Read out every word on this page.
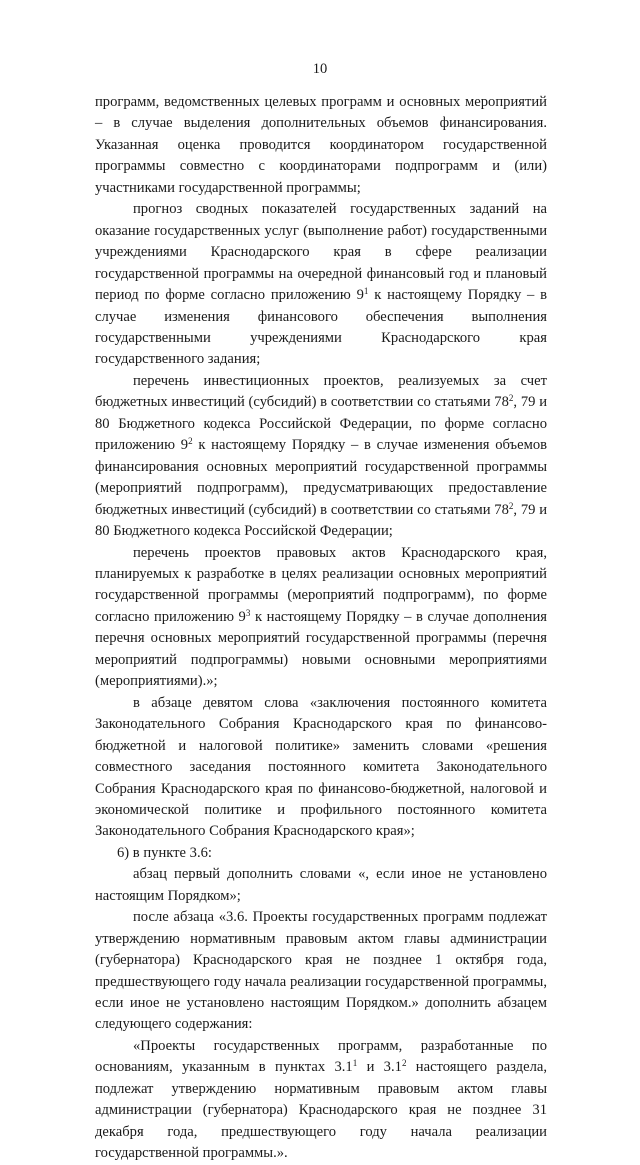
10

программ, ведомственных целевых программ и основных мероприятий – в случае выделения дополнительных объемов финансирования. Указанная оценка проводится координатором государственной программы совместно с координаторами подпрограмм и (или) участниками государственной программы;

прогноз сводных показателей государственных заданий на оказание государственных услуг (выполнение работ) государственными учреждениями Краснодарского края в сфере реализации государственной программы на очередной финансовый год и плановый период по форме согласно приложению $9^1$ к настоящему Порядку – в случае изменения финансового обеспечения выполнения государственными учреждениями Краснодарского края государственного задания;

перечень инвестиционных проектов, реализуемых за счет бюджетных инвестиций (субсидий) в соответствии со статьями $78^2$, 79 и 80 Бюджетного кодекса Российской Федерации, по форме согласно приложению $9^2$ к настоящему Порядку – в случае изменения объемов финансирования основных мероприятий государственной программы (мероприятий подпрограмм), предусматривающих предоставление бюджетных инвестиций (субсидий) в соответствии со статьями $78^2$, 79 и 80 Бюджетного кодекса Российской Федерации;

перечень проектов правовых актов Краснодарского края, планируемых к разработке в целях реализации основных мероприятий государственной программы (мероприятий подпрограмм), по форме согласно приложению $9^3$ к настоящему Порядку – в случае дополнения перечня основных мероприятий государственной программы (перечня мероприятий подпрограммы) новыми основными мероприятиями (мероприятиями).»;

в абзаце девятом слова «заключения постоянного комитета Законодательного Собрания Краснодарского края по финансово-бюджетной и налоговой политике» заменить словами «решения совместного заседания постоянного комитета Законодательного Собрания Краснодарского края по финансово-бюджетной, налоговой и экономической политике и профильного постоянного комитета Законодательного Собрания Краснодарского края»;

6) в пункте 3.6:

абзац первый дополнить словами «, если иное не установлено настоящим Порядком»;

после абзаца «3.6. Проекты государственных программ подлежат утверждению нормативным правовым актом главы администрации (губернатора) Краснодарского края не позднее 1 октября года, предшествующего году начала реализации государственной программы, если иное не установлено настоящим Порядком.» дополнить абзацем следующего содержания:

«Проекты государственных программ, разработанные по основаниям, указанным в пунктах $3.1^1$ и $3.1^2$ настоящего раздела, подлежат утверждению нормативным правовым актом главы администрации (губернатора) Краснодарского края не позднее 31 декабря года, предшествующего году начала реализации государственной программы.».
